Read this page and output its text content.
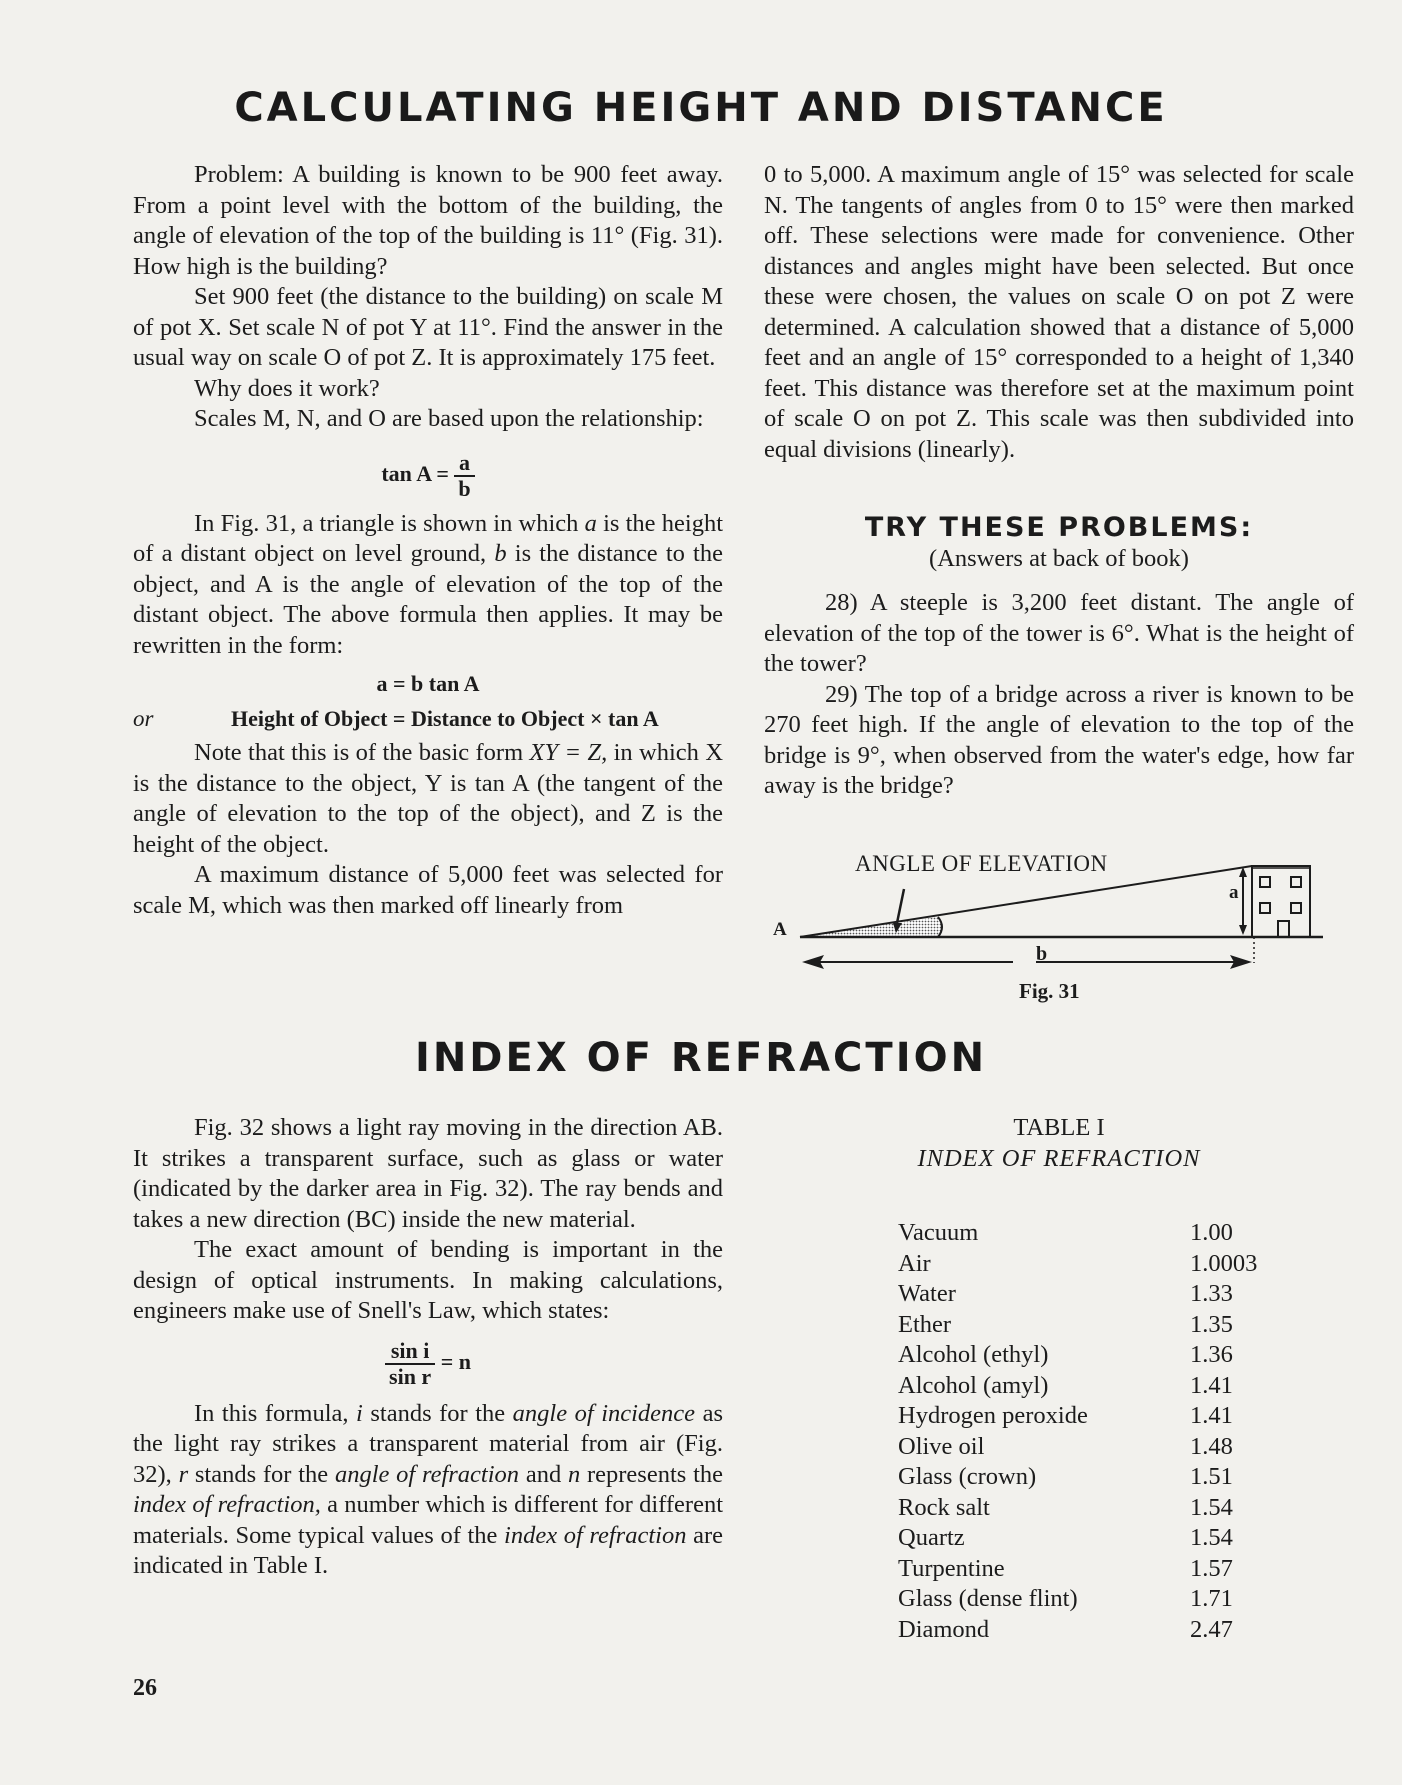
CALCULATING HEIGHT AND DISTANCE

Problem: A building is known to be 900 feet away. From a point level with the bottom of the building, the angle of elevation of the top of the building is 11° (Fig. 31). How high is the building?

Set 900 feet (the distance to the building) on scale M of pot X. Set scale N of pot Y at 11°. Find the answer in the usual way on scale O of pot Z. It is approximately 175 feet.

Why does it work?

Scales M, N, and O are based upon the relationship:

$\tan A = \frac{a}{b}$

In Fig. 31, a triangle is shown in which a is the height of a distant object on level ground, b is the distance to the object, and A is the angle of elevation of the top of the distant object. The above formula then applies. It may be rewritten in the form:

a = b tan A
or	Height of Object = Distance to Object × tan A

Note that this is of the basic form XY = Z, in which X is the distance to the object, Y is tan A (the tangent of the angle of elevation to the top of the object), and Z is the height of the object.

A maximum distance of 5,000 feet was selected for scale M, which was then marked off linearly from

0 to 5,000. A maximum angle of 15° was selected for scale N. The tangents of angles from 0 to 15° were then marked off. These selections were made for convenience. Other distances and angles might have been selected. But once these were chosen, the values on scale O on pot Z were determined. A calculation showed that a distance of 5,000 feet and an angle of 15° corresponded to a height of 1,340 feet. This distance was therefore set at the maximum point of scale O on pot Z. This scale was then subdivided into equal divisions (linearly).

TRY THESE PROBLEMS:
(Answers at back of book)

28) A steeple is 3,200 feet distant. The angle of elevation of the top of the tower is 6°. What is the height of the tower?

29) The top of a bridge across a river is known to be 270 feet high. If the angle of elevation to the top of the bridge is 9°, when observed from the water's edge, how far away is the bridge?

ANGLE OF ELEVATION
A
a
b
Fig. 31
INDEX OF REFRACTION

Fig. 32 shows a light ray moving in the direction AB. It strikes a transparent surface, such as glass or water (indicated by the darker area in Fig. 32). The ray bends and takes a new direction (BC) inside the new material.

The exact amount of bending is important in the design of optical instruments. In making calculations, engineers make use of Snell's Law, which states:

$\frac{\text{sin i}}{\text{sin r}} = n$

In this formula, i stands for the angle of incidence as the light ray strikes a transparent material from air (Fig. 32), r stands for the angle of refraction and n represents the index of refraction, a number which is different for different materials. Some typical values of the index of refraction are indicated in Table I.

TABLE I
INDEX OF REFRACTION
Vacuum	1.00
Air	1.0003
Water	1.33
Ether	1.35
Alcohol (ethyl)	1.36
Alcohol (amyl)	1.41
Hydrogen peroxide	1.41
Olive oil	1.48
Glass (crown)	1.51
Rock salt	1.54
Quartz	1.54
Turpentine	1.57
Glass (dense flint)	1.71
Diamond	2.47
26
